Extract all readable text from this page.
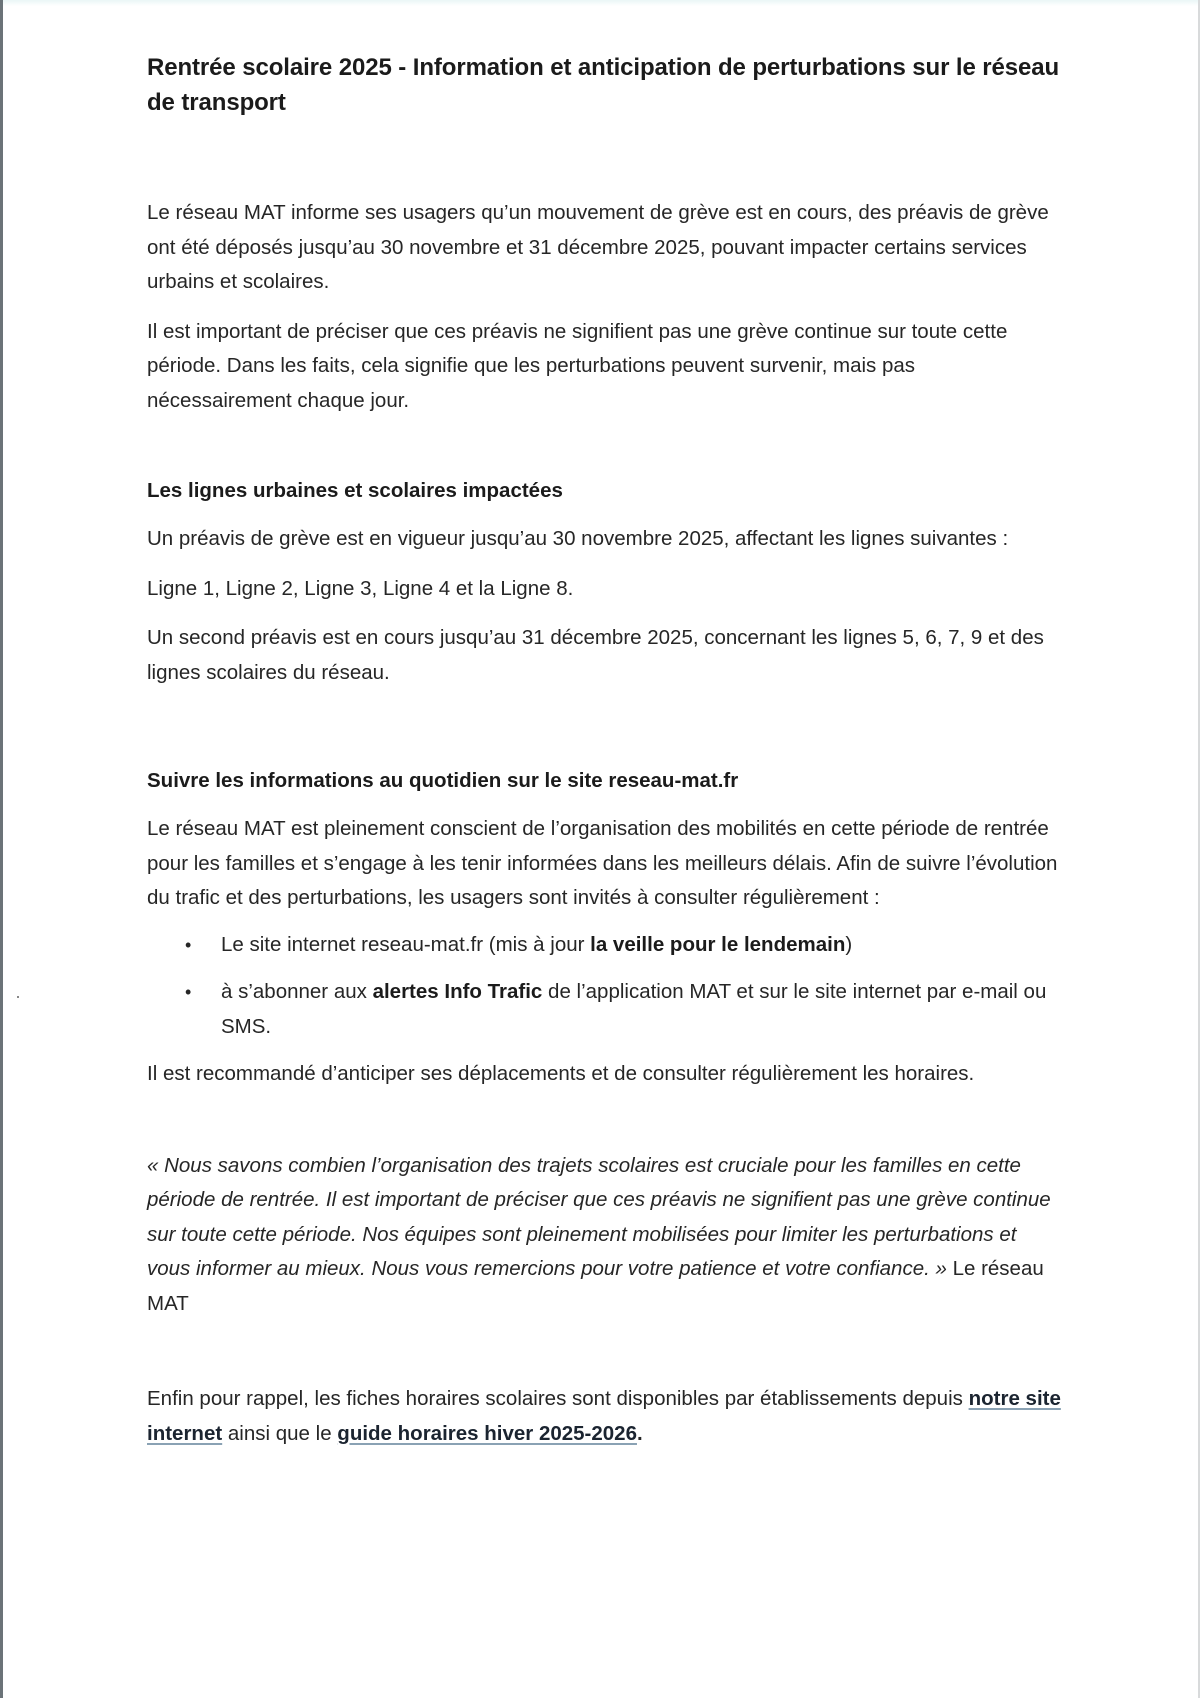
Rentrée scolaire 2025 - Information et anticipation de perturbations sur le réseau de transport

Le réseau MAT informe ses usagers qu’un mouvement de grève est en cours, des préavis de grève ont été déposés jusqu’au 30 novembre et 31 décembre 2025, pouvant impacter certains services urbains et scolaires.

Il est important de préciser que ces préavis ne signifient pas une grève continue sur toute cette période. Dans les faits, cela signifie que les perturbations peuvent survenir, mais pas nécessairement chaque jour.

Les lignes urbaines et scolaires impactées

Un préavis de grève est en vigueur jusqu’au 30 novembre 2025, affectant les lignes suivantes :

Ligne 1, Ligne 2, Ligne 3, Ligne 4 et la Ligne 8.

Un second préavis est en cours jusqu’au 31 décembre 2025, concernant les lignes 5, 6, 7, 9 et des lignes scolaires du réseau.

Suivre les informations au quotidien sur le site reseau-mat.fr

Le réseau MAT est pleinement conscient de l’organisation des mobilités en cette période de rentrée pour les familles et s’engage à les tenir informées dans les meilleurs délais. Afin de suivre l’évolution du trafic et des perturbations, les usagers sont invités à consulter régulièrement :

• Le site internet reseau-mat.fr (mis à jour la veille pour le lendemain)
• à s’abonner aux alertes Info Trafic de l’application MAT et sur le site internet par e-mail ou SMS.

Il est recommandé d’anticiper ses déplacements et de consulter régulièrement les horaires.

« Nous savons combien l’organisation des trajets scolaires est cruciale pour les familles en cette période de rentrée. Il est important de préciser que ces préavis ne signifient pas une grève continue sur toute cette période. Nos équipes sont pleinement mobilisées pour limiter les perturbations et vous informer au mieux. Nous vous remercions pour votre patience et votre confiance. » Le réseau MAT

Enfin pour rappel, les fiches horaires scolaires sont disponibles par établissements depuis notre site internet ainsi que le guide horaires hiver 2025-2026.
